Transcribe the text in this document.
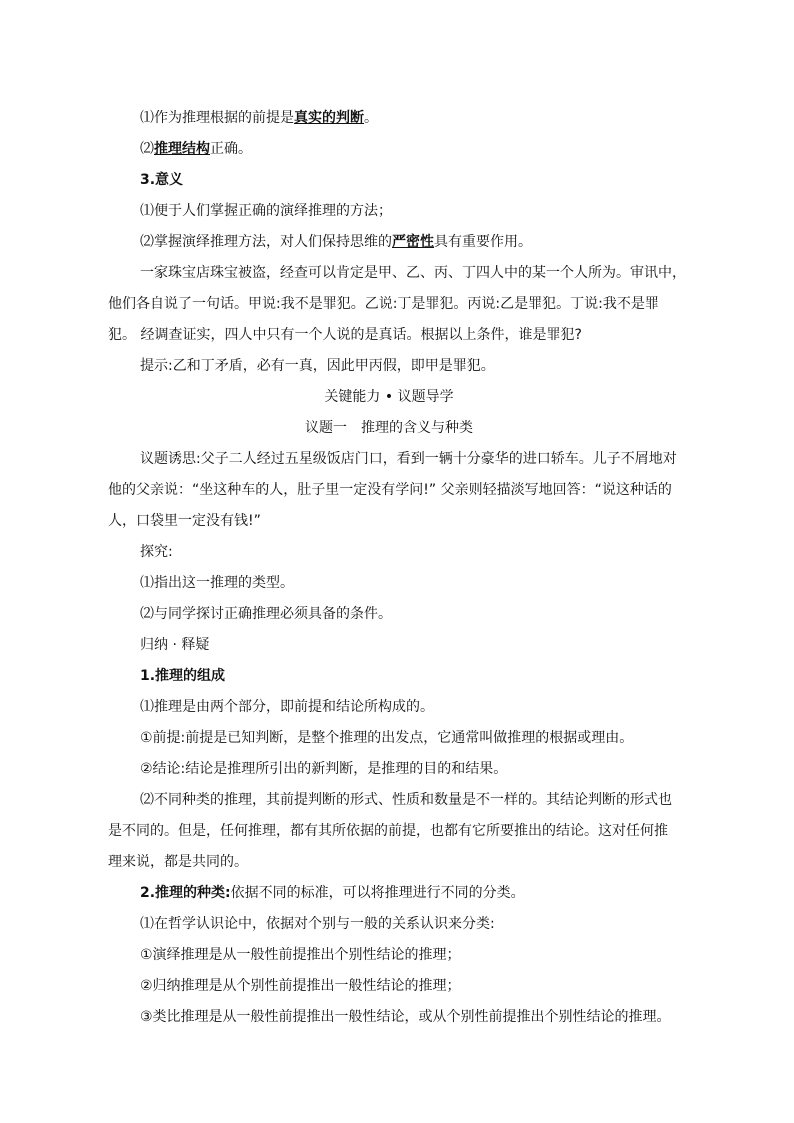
⑴作为推理根据的前提是真实的判断。
⑵推理结构正确。
3.意义
⑴便于人们掌握正确的演绎推理的方法；
⑵掌握演绎推理方法，对人们保持思维的严密性具有重要作用。
一家珠宝店珠宝被盗，经查可以肯定是甲、乙、丙、丁四人中的某一个人所为。审讯中，
他们各自说了一句话。甲说:我不是罪犯。乙说:丁是罪犯。丙说:乙是罪犯。丁说:我不是罪
犯。 经调查证实，四人中只有一个人说的是真话。根据以上条件，谁是罪犯?
提示:乙和丁矛盾，必有一真，因此甲丙假，即甲是罪犯。
关键能力 • 议题导学
议题一　推理的含义与种类
议题诱思:父子二人经过五星级饭店门口，看到一辆十分豪华的进口轿车。儿子不屑地对
他的父亲说：“坐这种车的人，肚子里一定没有学问!” 父亲则轻描淡写地回答：“说这种话的
人，口袋里一定没有钱!”
探究:
⑴指出这一推理的类型。
⑵与同学探讨正确推理必须具备的条件。
归纳 · 释疑
1.推理的组成
⑴推理是由两个部分，即前提和结论所构成的。
①前提:前提是已知判断，是整个推理的出发点，它通常叫做推理的根据或理由。
②结论:结论是推理所引出的新判断，是推理的目的和结果。
⑵不同种类的推理，其前提判断的形式、性质和数量是不一样的。其结论判断的形式也
是不同的。但是，任何推理，都有其所依据的前提，也都有它所要推出的结论。这对任何推
理来说，都是共同的。
2.推理的种类:依据不同的标准，可以将推理进行不同的分类。
⑴在哲学认识论中，依据对个别与一般的关系认识来分类:
①演绎推理是从一般性前提推出个别性结论的推理；
②归纳推理是从个别性前提推出一般性结论的推理；
③类比推理是从一般性前提推出一般性结论，或从个别性前提推出个别性结论的推理。
